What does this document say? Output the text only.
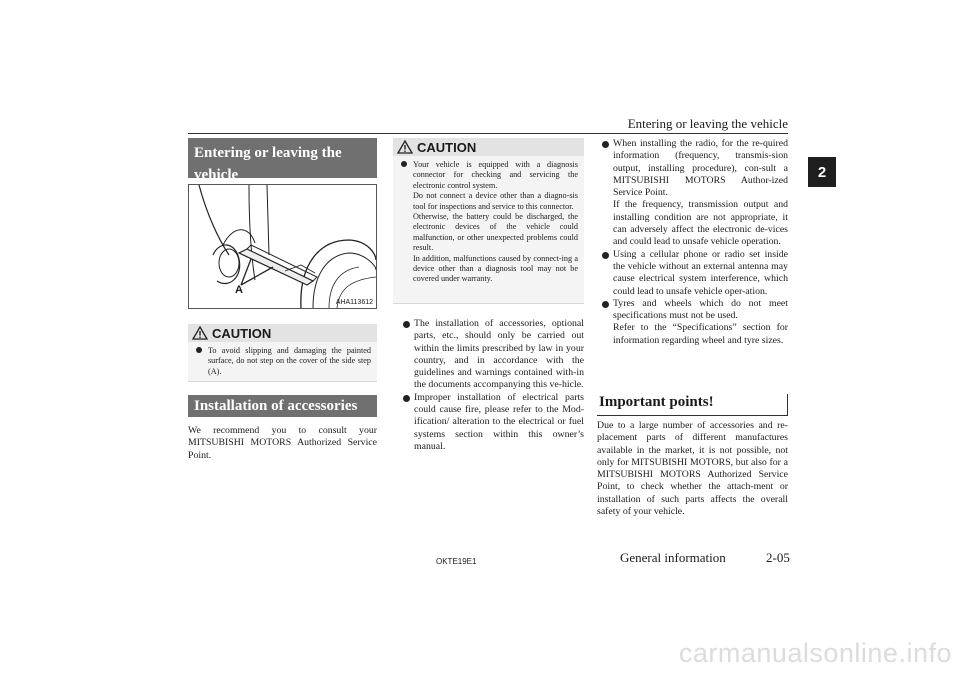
Entering or leaving the vehicle
2
Entering or leaving the vehicle
A
AHA113612
CAUTION

To avoid slipping and damaging the painted surface, do not step on the cover of the side step (A).

Installation of accessories

We recommend you to consult your MITSUBISHI MOTORS Authorized Service Point.

CAUTION

Your vehicle is equipped with a diagnosis connector for checking and servicing the electronic control system.

Do not connect a device other than a diagno-sis tool for inspections and service to this connector.

Otherwise, the battery could be discharged, the electronic devices of the vehicle could malfunction, or other unexpected problems could result.

In addition, malfunctions caused by connect-ing a device other than a diagnosis tool may not be covered under warranty.

The installation of accessories, optional parts, etc., should only be carried out within the limits prescribed by law in your country, and in accordance with the guidelines and warnings contained with-in the documents accompanying this ve-hicle.

Improper installation of electrical parts could cause fire, please refer to the Mod-ification/ alteration to the electrical or fuel systems section within this owner’s manual.

When installing the radio, for the re-quired information (frequency, transmis-sion output, installing procedure), con-sult a MITSUBISHI MOTORS Author-ized Service Point.

If the frequency, transmission output and installing condition are not appropriate, it can adversely affect the electronic de-vices and could lead to unsafe vehicle operation.

Using a cellular phone or radio set inside the vehicle without an external antenna may cause electrical system interference, which could lead to unsafe vehicle oper-ation.

Tyres and wheels which do not meet specifications must not be used.

Refer to the “Specifications” section for information regarding wheel and tyre sizes.

Important points!

Due to a large number of accessories and re-placement parts of different manufactures available in the market, it is not possible, not only for MITSUBISHI MOTORS, but also for a MITSUBISHI MOTORS Authorized Service Point, to check whether the attach-ment or installation of such parts affects the overall safety of your vehicle.

OKTE19E1	General information	2-05
carmanualsonline.info
